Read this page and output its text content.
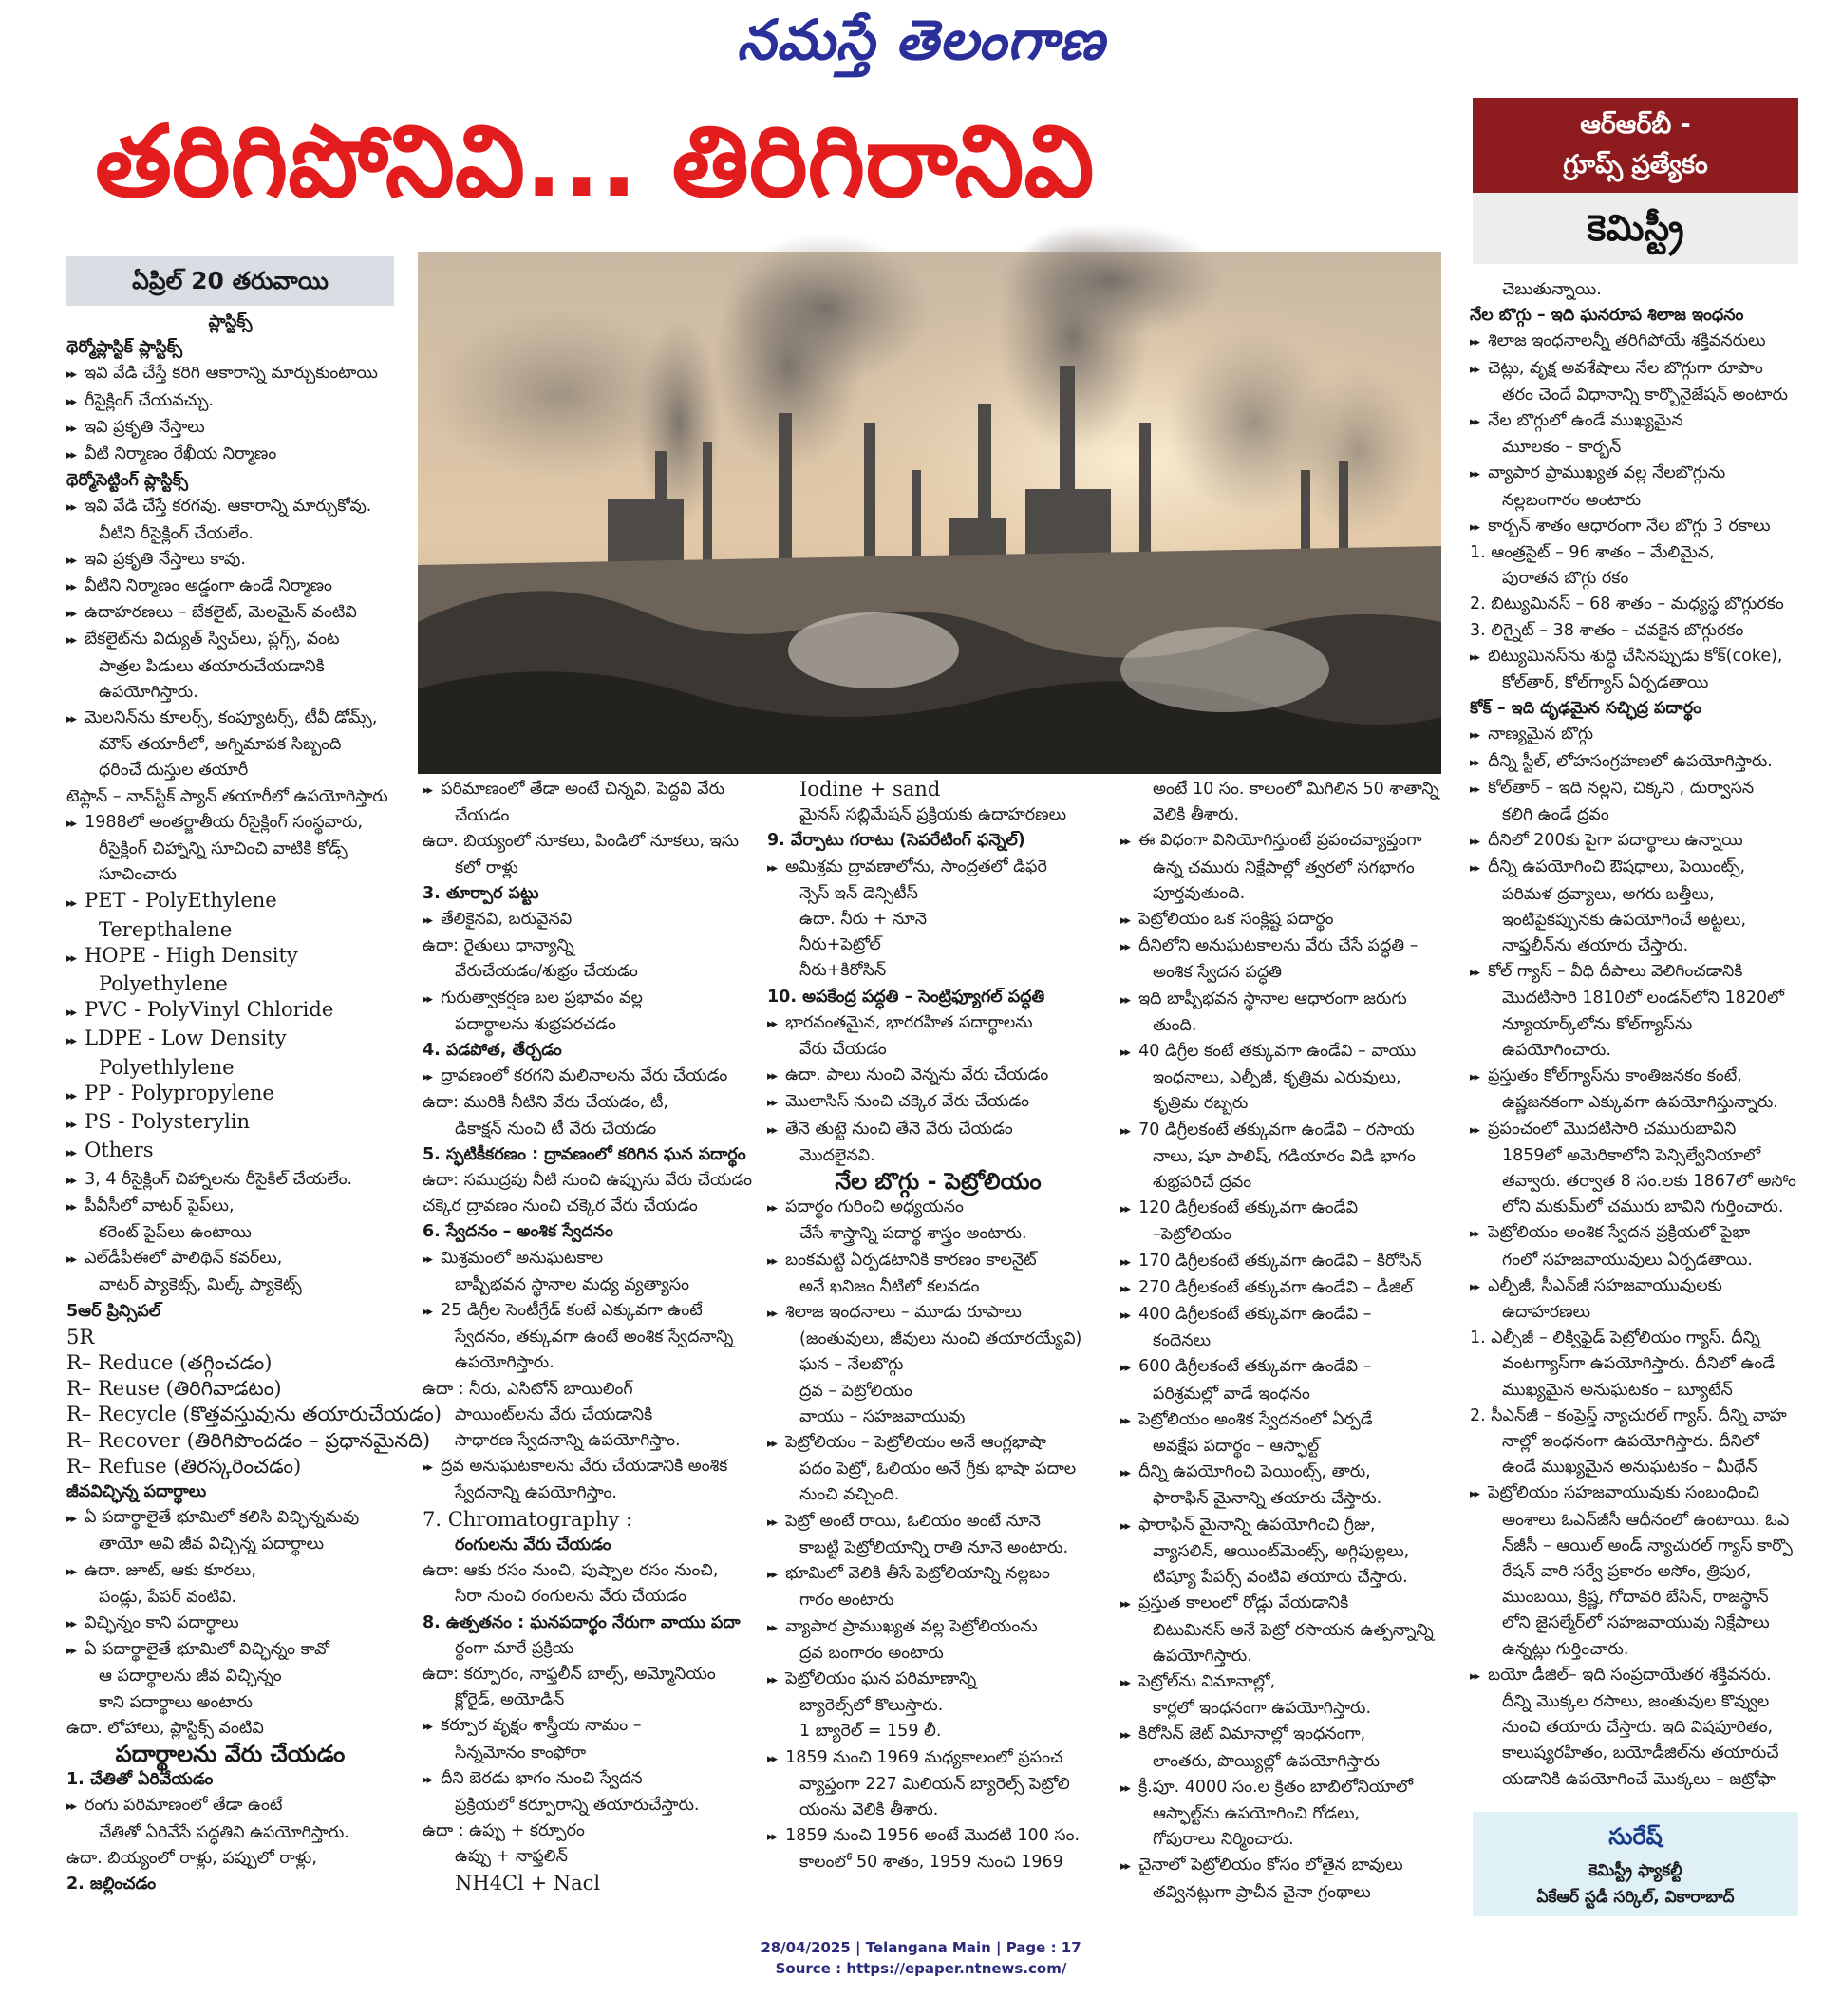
నమస్తే తెలంగాణ
తరిగిపోనివి... తిరిగిరానివి	ఆర్‌ఆర్‌బీ -
గ్రూప్స్ ప్రత్యేకం
కెమిస్ట్రీ
ఏప్రిల్ 20 తరువాయి
ప్లాస్టిక్స్
థెర్మోప్లాస్టిక్ ప్లాస్టిక్స్
▸▸ ఇవి వేడి చేస్తే కరిగి ఆకారాన్ని మార్చుకుంటాయి
▸▸ రీసైక్లింగ్ చేయవచ్చు.
▸▸ ఇవి ప్రకృతి నేస్తాలు
▸▸ వీటి నిర్మాణం రేఖీయ నిర్మాణం
థెర్మోసెట్టింగ్ ప్లాస్టిక్స్
▸▸ ఇవి వేడి చేస్తే కరగవు. ఆకారాన్ని మార్చుకోవు.
వీటిని రీసైక్లింగ్ చేయలేం.
▸▸ ఇవి ప్రకృతి నేస్తాలు కావు.
▸▸ వీటిని నిర్మాణం అడ్డంగా ఉండే నిర్మాణం
▸▸ ఉదాహరణలు – బేకలైట్, మెలమైన్ వంటివి
▸▸ బేకలైట్‌ను విద్యుత్ స్విచ్‌లు, ప్లగ్స్, వంట
పాత్రల పిడులు తయారుచేయడానికి
ఉపయోగిస్తారు.
▸▸ మెలనిన్‌ను కూలర్స్, కంప్యూటర్స్, టీవీ డోమ్స్,
మౌస్ తయారీలో, అగ్నిమాపక సిబ్బంది
ధరించే దుస్తుల తయారీ
టెఫ్లాన్ – నాన్‌స్టిక్ ప్యాన్ తయారీలో ఉపయోగిస్తారు
▸▸ 1988లో అంతర్జాతీయ రీసైక్లింగ్ సంస్థవారు,
రీసైక్లింగ్ చిహ్నాన్ని సూచించి వాటికి కోడ్స్
సూచించారు
▸▸ PET - PolyEthylene
Terepthalene
▸▸ HOPE - High Density
Polyethylene
▸▸ PVC - PolyVinyl Chloride
▸▸ LDPE - Low Density
Polyethlylene
▸▸ PP - Polypropylene
▸▸ PS - Polysterylin
▸▸ Others
▸▸ 3, 4 రీసైక్లింగ్ చిహ్నాలను రీసైకిల్ చేయలేం.
▸▸ పీవీసీలో వాటర్ పైప్‌లు,
కరెంట్ పైప్‌లు ఉంటాయి
▸▸ ఎల్‌డీపీఈలో పాలిథిన్ కవర్‌లు,
వాటర్ ప్యాకెట్స్, మిల్క్ ప్యాకెట్స్
5ఆర్ ప్రిన్సిపల్
5R
R– Reduce (తగ్గించడం)
R– Reuse (తిరిగివాడటం)
R– Recycle (కొత్తవస్తువును తయారుచేయడం)
R– Recover (తిరిగిపొందడం – ప్రధానమైనది)
R– Refuse (తిరస్కరించడం)
జీవవిచ్ఛిన్న పదార్థాలు
▸▸ ఏ పదార్థాలైతే భూమిలో కలిసి విచ్ఛిన్నమవు
తాయో అవి జీవ విచ్ఛిన్న పదార్థాలు
▸▸ ఉదా. జూట్, ఆకు కూరలు,
పండ్లు, పేపర్ వంటివి.
▸▸ విచ్ఛిన్నం కాని పదార్థాలు
▸▸ ఏ పదార్థాలైతే భూమిలో విచ్ఛిన్నం కావో
ఆ పదార్థాలను జీవ విచ్ఛిన్నం
కాని పదార్థాలు అంటారు
ఉదా. లోహాలు, ప్లాస్టిక్స్ వంటివి
పదార్థాలను వేరు చేయడం
1. చేతితో ఏరివేయడం
▸▸ రంగు పరిమాణంలో తేడా ఉంటే
చేతితో ఏరివేసే పద్ధతిని ఉపయోగిస్తారు.
ఉదా. బియ్యంలో రాళ్లు, పప్పులో రాళ్లు,
2. జల్లించడం
▸▸ పరిమాణంలో తేడా అంటే చిన్నవి, పెద్దవి వేరు
చేయడం
ఉదా. బియ్యంలో నూకలు, పిండిలో నూకలు, ఇసు
కలో రాళ్లు
3. తూర్పార పట్టు
▸▸ తేలికైనవి, బరువైనవి
ఉదా: రైతులు ధాన్యాన్ని
వేరుచేయడం/శుభ్రం చేయడం
▸▸ గురుత్వాకర్షణ బల ప్రభావం వల్ల
పదార్థాలను శుభ్రపరచడం
4. పడపోత, తేర్చడం
▸▸ ద్రావణంలో కరగని మలినాలను వేరు చేయడం
ఉదా: మురికి నీటిని వేరు చేయడం, టీ,
డికాక్షన్ నుంచి టీ వేరు చేయడం
5. స్ఫటికీకరణం : ద్రావణంలో కరిగిన ఘన పదార్థం
ఉదా: సముద్రపు నీటి నుంచి ఉప్పును వేరు చేయడం
చక్కెర ద్రావణం నుంచి చక్కెర వేరు చేయడం
6. స్వేదనం – అంశిక స్వేదనం
▸▸ మిశ్రమంలో అనుఘటకాల
బాష్పీభవన స్థానాల మధ్య వ్యత్యాసం
▸▸ 25 డిగ్రీల సెంటీగ్రేడ్ కంటే ఎక్కువగా ఉంటే
స్వేదనం, తక్కువగా ఉంటే అంశిక స్వేదనాన్ని
ఉపయోగిస్తారు.
ఉదా : నీరు, ఎసిటోన్ బాయిలింగ్
పాయింట్‌లను వేరు చేయడానికి
సాధారణ స్వేదనాన్ని ఉపయోగిస్తాం.
▸▸ ద్రవ అనుఘటకాలను వేరు చేయడానికి అంశిక
స్వేదనాన్ని ఉపయోగిస్తాం.
7. Chromatography :
రంగులను వేరు చేయడం
ఉదా: ఆకు రసం నుంచి, పుష్పాల రసం నుంచి,
సిరా నుంచి రంగులను వేరు చేయడం
8. ఉత్పతనం : ఘనపదార్థం నేరుగా వాయు పదా
ర్థంగా మారే ప్రక్రియ
ఉదా: కర్పూరం, నాఫ్తలీన్ బాల్స్, అమ్మోనియం
క్లోరైడ్, అయోడిన్
▸▸ కర్పూర వృక్షం శాస్త్రీయ నామం –
సిన్నమోనం కాంఫోరా
▸▸ దీని బెరడు భాగం నుంచి స్వేదన
ప్రక్రియలో కర్పూరాన్ని తయారుచేస్తారు.
ఉదా : ఉప్పు + కర్పూరం
ఉప్పు + నాఫ్తలిన్
NH4Cl + Nacl
Iodine + sand
మైనస్ సబ్లిమేషన్ ప్రక్రియకు ఉదాహరణలు
9. వేర్పాటు గరాటు (సెపరేటింగ్ ఫన్నెల్)
▸▸ అమిశ్రమ ద్రావణాలోను, సాంద్రతలో డిఫరె
న్సెస్ ఇన్ డెన్సిటీస్
ఉదా. నీరు + నూనె
నీరు+పెట్రోల్
నీరు+కిరోసిన్
10. అపకేంద్ర పద్ధతి – సెంట్రిఫ్యూగల్ పద్ధతి
▸▸ భారవంతమైన, భారరహిత పదార్థాలను
వేరు చేయడం
▸▸ ఉదా. పాలు నుంచి వెన్నను వేరు చేయడం
▸▸ మొలాసిస్ నుంచి చక్కెర వేరు చేయడం
▸▸ తేనె తుట్టె నుంచి తేనె వేరు చేయడం
మొదలైనవి.
నేల బొగ్గు - పెట్రోలియం
▸▸ పదార్థం గురించి అధ్యయనం
చేసే శాస్త్రాన్ని పదార్థ శాస్త్రం అంటారు.
▸▸ బంకమట్టి ఏర్పడటానికి కారణం కాలనైట్
అనే ఖనిజం నీటిలో కలవడం
▸▸ శిలాజ ఇంధనాలు – మూడు రూపాలు
(జంతువులు, జీవులు నుంచి తయారయ్యేవి)
ఘన – నేలబొగ్గు
ద్రవ – పెట్రోలియం
వాయు – సహజవాయువు
▸▸ పెట్రోలియం – పెట్రోలియం అనే ఆంగ్లభాషా
పదం పెట్రో, ఓలియం అనే గ్రీకు భాషా పదాల
నుంచి వచ్చింది.
▸▸ పెట్రో అంటే రాయి, ఓలియం అంటే నూనె
కాబట్టి పెట్రోలియాన్ని రాతి నూనె అంటారు.
▸▸ భూమిలో వెలికి తీసే పెట్రోలియాన్ని నల్లబం
గారం అంటారు
▸▸ వ్యాపార ప్రాముఖ్యత వల్ల పెట్రోలియంను
ద్రవ బంగారం అంటారు
▸▸ పెట్రోలియం ఘన పరిమాణాన్ని
బ్యారెల్స్‌లో కొలుస్తారు.
1 బ్యారెల్ = 159 లీ.
▸▸ 1859 నుంచి 1969 మధ్యకాలంలో ప్రపంచ
వ్యాప్తంగా 227 మిలియన్ బ్యారెల్స్ పెట్రోలి
యంను వెలికి తీశారు.
▸▸ 1859 నుంచి 1956 అంటే మొదటి 100 సం.
కాలంలో 50 శాతం, 1959 నుంచి 1969
అంటే 10 సం. కాలంలో మిగిలిన 50 శాతాన్ని
వెలికి తీశారు.
▸▸ ఈ విధంగా వినియోగిస్తుంటే ప్రపంచవ్యాప్తంగా
ఉన్న చమురు నిక్షేపాల్లో త్వరలో సగభాగం
పూర్తవుతుంది.
▸▸ పెట్రోలియం ఒక సంక్లిష్ట పదార్థం
▸▸ దీనిలోని అనుఘటకాలను వేరు చేసే పద్ధతి –
అంశిక స్వేదన పద్ధతి
▸▸ ఇది బాష్పీభవన స్థానాల ఆధారంగా జరుగు
తుంది.
▸▸ 40 డిగ్రీల కంటే తక్కువగా ఉండేవి – వాయు
ఇంధనాలు, ఎల్పీజీ, కృత్రిమ ఎరువులు,
కృత్రిమ రబ్బరు
▸▸ 70 డిగ్రీలకంటే తక్కువగా ఉండేవి – రసాయ
నాలు, షూ పాలిష్, గడియారం విడి భాగం
శుభ్రపరిచే ద్రవం
▸▸ 120 డిగ్రీలకంటే తక్కువగా ఉండేవి
–పెట్రోలియం
▸▸ 170 డిగ్రీలకంటే తక్కువగా ఉండేవి – కిరోసిన్
▸▸ 270 డిగ్రీలకంటే తక్కువగా ఉండేవి – డీజిల్
▸▸ 400 డిగ్రీలకంటే తక్కువగా ఉండేవి –
కందెనలు
▸▸ 600 డిగ్రీలకంటే తక్కువగా ఉండేవి –
పరిశ్రమల్లో వాడే ఇంధనం
▸▸ పెట్రోలియం అంశిక స్వేదనంలో ఏర్పడే
అవక్షేప పదార్థం – ఆస్ఫాల్ట్
▸▸ దీన్ని ఉపయోగించి పెయింట్స్, తారు,
ఫారాఫిన్ మైనాన్ని తయారు చేస్తారు.
▸▸ ఫారాఫిన్ మైనాన్ని ఉపయోగించి గ్రీజు,
వ్యాసలిన్, ఆయింట్‌మెంట్స్, అగ్గిపుల్లలు,
టిష్యూ పేపర్స్ వంటివి తయారు చేస్తారు.
▸▸ ప్రస్తుత కాలంలో రోడ్లు వేయడానికి
బిటుమినస్ అనే పెట్రో రసాయన ఉత్పన్నాన్ని
ఉపయోగిస్తారు.
▸▸ పెట్రోల్‌ను విమానాల్లో,
కార్లలో ఇంధనంగా ఉపయోగిస్తారు.
▸▸ కిరోసిన్ జెట్ విమానాల్లో ఇంధనంగా,
లాంతరు, పొయ్యిల్లో ఉపయోగిస్తారు
▸▸ క్రీ.పూ. 4000 సం.ల క్రితం బాబిలోనియాలో
ఆస్ఫాల్ట్‌ను ఉపయోగించి గోడలు,
గోపురాలు నిర్మించారు.
▸▸ చైనాలో పెట్రోలియం కోసం లోతైన బావులు
తవ్వినట్లుగా ప్రాచీన చైనా గ్రంథాలు
చెబుతున్నాయి.
నేల బొగ్గు – ఇది ఘనరూప శిలాజ ఇంధనం
▸▸ శిలాజ ఇంధనాలన్నీ తరిగిపోయే శక్తివనరులు
▸▸ చెట్లు, వృక్ష అవశేషాలు నేల బొగ్గుగా రూపాం
తరం చెందే విధానాన్ని కార్బొనైజేషన్ అంటారు
▸▸ నేల బొగ్గులో ఉండే ముఖ్యమైన
మూలకం – కార్బన్
▸▸ వ్యాపార ప్రాముఖ్యత వల్ల నేలబొగ్గును
నల్లబంగారం అంటారు
▸▸ కార్బన్ శాతం ఆధారంగా నేల బొగ్గు 3 రకాలు
1. ఆంత్రసైట్ – 96 శాతం – మేలిమైన,
పురాతన బొగ్గు రకం
2. బిట్యుమినస్ – 68 శాతం – మధ్యస్థ బొగ్గురకం
3. లిగ్నైట్ – 38 శాతం – చవకైన బొగ్గురకం
▸▸ బిట్యుమినస్‌ను శుద్ధి చేసినప్పుడు కోక్(coke),
కోల్‌తార్, కోల్‌గ్యాస్ ఏర్పడతాయి
కోక్ – ఇది దృఢమైన సచ్ఛిద్ర పదార్థం
▸▸ నాణ్యమైన బొగ్గు
▸▸ దీన్ని స్టీల్, లోహసంగ్రహణలో ఉపయోగిస్తారు.
▸▸ కోల్‌తార్ – ఇది నల్లని, చిక్కని , దుర్వాసన
కలిగి ఉండే ద్రవం
▸▸ దీనిలో 200కు పైగా పదార్థాలు ఉన్నాయి
▸▸ దీన్ని ఉపయోగించి ఔషధాలు, పెయింట్స్,
పరిమళ ద్రవ్యాలు, అగరు బత్తీలు,
ఇంటిపైకప్పునకు ఉపయోగించే అట్టలు,
నాఫ్తలీన్‌ను తయారు చేస్తారు.
▸▸ కోల్ గ్యాస్ – వీధి దీపాలు వెలిగించడానికి
మొదటిసారి 1810లో లండన్‌లోని 1820లో
న్యూయార్క్‌లోను కోల్‌గ్యాస్‌ను
ఉపయోగించారు.
▸▸ ప్రస్తుతం కోల్‌గ్యాస్‌ను కాంతిజనకం కంటే,
ఉష్ణజనకంగా ఎక్కువగా ఉపయోగిస్తున్నారు.
▸▸ ప్రపంచంలో మొదటిసారి చమురుబావిని
1859లో అమెరికాలోని పెన్సిల్వేనియాలో
తవ్వారు. తర్వాత 8 సం.లకు 1867లో అసోం
లోని మకుమ్‌లో చమురు బావిని గుర్తించారు.
▸▸ పెట్రోలియం అంశిక స్వేదన ప్రక్రియలో పైభా
గంలో సహజవాయువులు ఏర్పడతాయి.
▸▸ ఎల్పీజీ, సీఎన్‌జీ సహజవాయువులకు
ఉదాహరణలు
1. ఎల్పీజీ – లిక్విఫైడ్ పెట్రోలియం గ్యాస్. దీన్ని
వంటగ్యాస్‌గా ఉపయోగిస్తారు. దీనిలో ఉండే
ముఖ్యమైన అనుఘటకం – బ్యూటేన్
2. సీఎన్‌జీ – కంప్రెస్డ్ న్యాచురల్ గ్యాస్. దీన్ని వాహ
నాల్లో ఇంధనంగా ఉపయోగిస్తారు. దీనిలో
ఉండే ముఖ్యమైన అనుఘటకం – మీథేన్
▸▸ పెట్రోలియం సహజవాయువుకు సంబంధించి
అంశాలు ఓఎన్‌జీసీ ఆధీనంలో ఉంటాయి. ఓఎ
న్‌జీసీ – ఆయిల్ అండ్ న్యాచురల్ గ్యాస్ కార్పొ
రేషన్ వారి సర్వే ప్రకారం అసోం, త్రిపుర,
ముంబయి, క్రిష్ణ, గోదావరి బేసిన్, రాజస్థాన్
లోని జైసల్మేర్‌లో సహజవాయువు నిక్షేపాలు
ఉన్నట్లు గుర్తించారు.
▸▸ బయో డీజిల్– ఇది సంప్రదాయేతర శక్తివనరు.
దీన్ని మొక్కల రసాలు, జంతువుల కొవ్వుల
నుంచి తయారు చేస్తారు. ఇది విషపూరితం,
కాలుష్యరహితం, బయోడీజిల్‌ను తయారుచే
యడానికి ఉపయోగించే మొక్కలు – జట్రోఫా
సురేష్
కెమిస్ట్రీ ఫ్యాకల్టీ
ఏకేఆర్ స్టడీ సర్కిల్, వికారాబాద్
28/04/2025 | Telangana Main | Page : 17
Source : https://epaper.ntnews.com/
